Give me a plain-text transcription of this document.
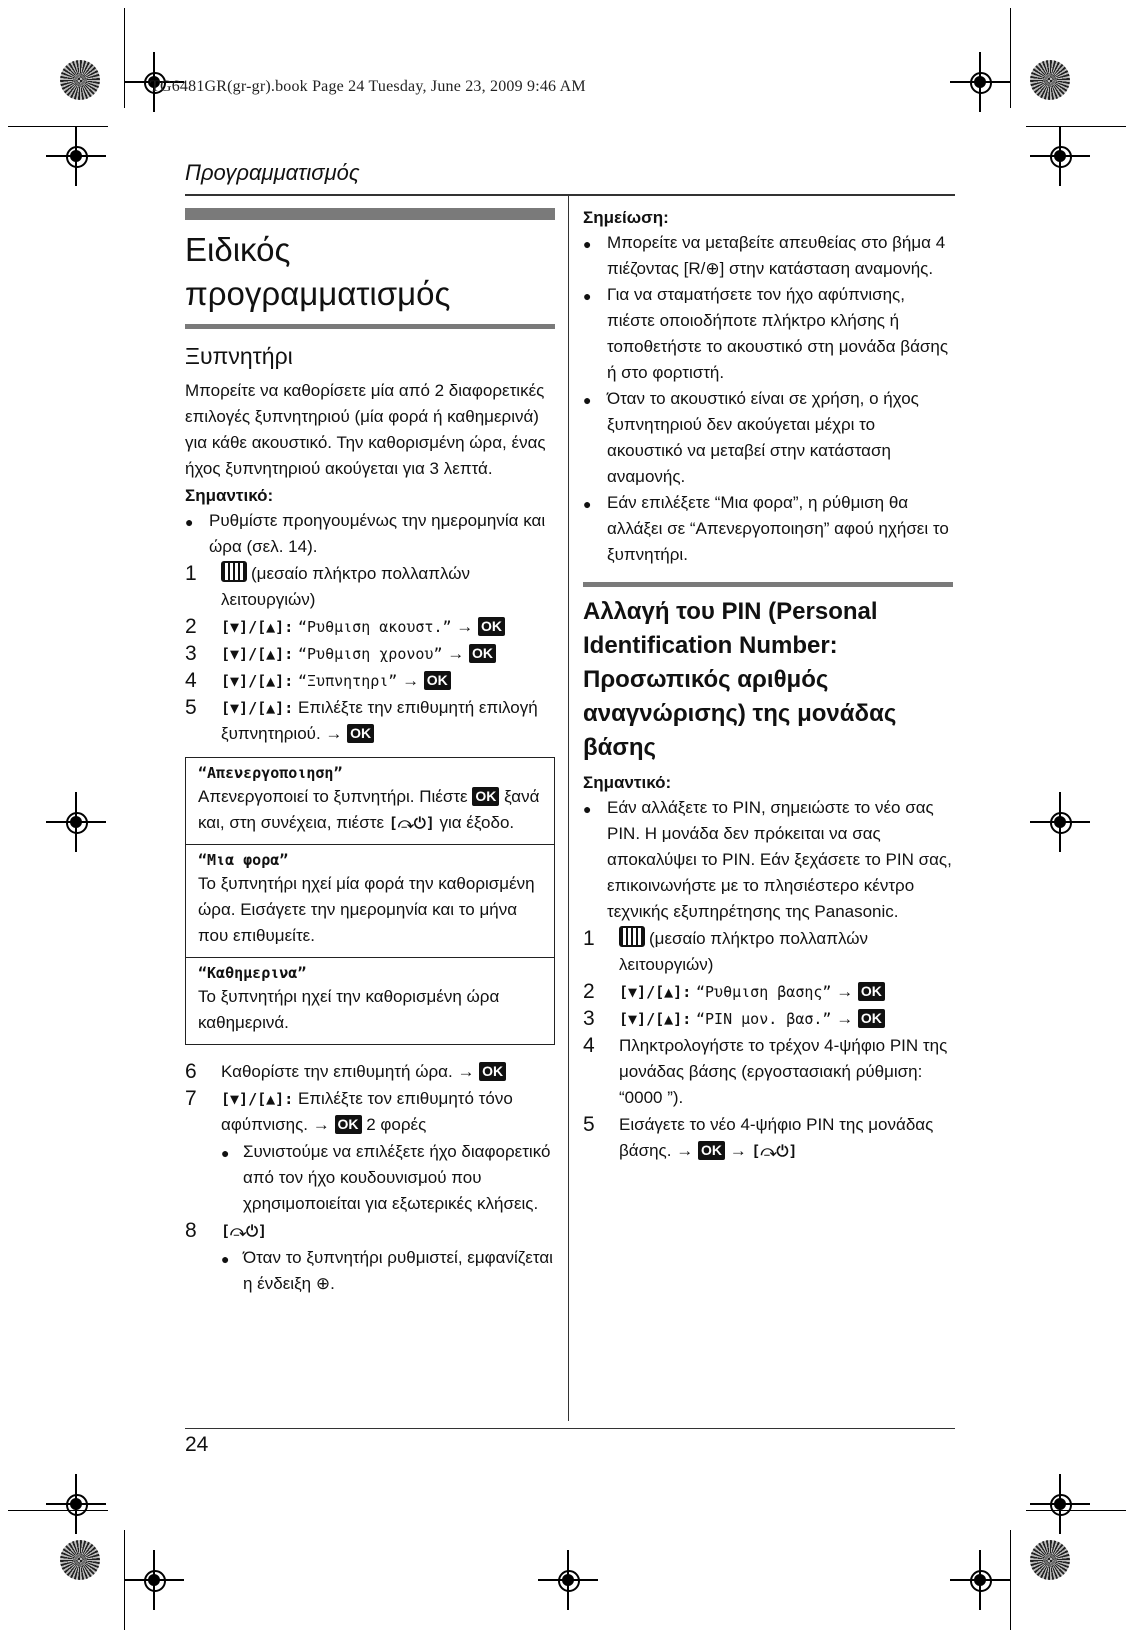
TG6481GR(gr-gr).book Page 24 Tuesday, June 23, 2009 9:46 AM
Προγραμματισμός
Ειδικός
προγραμματισμός
Ξυπνητήρι

Μπορείτε να καθορίσετε μία από 2 διαφορετικές επιλογές ξυπνητηριού (μία φορά ή καθημερινά) για κάθε ακουστικό. Την καθορισμένη ώρα, ένας ήχος ξυπνητηριού ακούγεται για 3 λεπτά.

Σημαντικό:
● Ρυθμίστε προηγουμένως την ημερομηνία και ώρα (σελ. 14).
1	(μεσαίο πλήκτρο πολλαπλών λειτουργιών)
2	[▼]/[▲]: “Ρυθμιση ακουστ.” → OK
3	[▼]/[▲]: “Ρυθμιση χρονου” → OK
4	[▼]/[▲]: “Ξυπνητηρι” → OK
5	[▼]/[▲]: Επιλέξτε την επιθυμητή επιλογή ξυπνητηριού. → OK
“Απενεργοποιηση”
Απενεργοποιεί το ξυπνητήρι. Πιέστε OK ξανά και, στη συνέχεια, πιέστε [⤼⏻] για έξοδο.
“Μια φορα”
Το ξυπνητήρι ηχεί μία φορά την καθορισμένη ώρα. Εισάγετε την ημερομηνία και το μήνα που επιθυμείτε.
“Καθημερινα”
Το ξυπνητήρι ηχεί την καθορισμένη ώρα καθημερινά.
6	Καθορίστε την επιθυμητή ώρα. → OK
7	[▼]/[▲]: Επιλέξτε τον επιθυμητό τόνο αφύπνισης. → OK 2 φορές
● Συνιστούμε να επιλέξετε ήχο διαφορετικό από τον ήχο κουδουνισμού που χρησιμοποιείται για εξωτερικές κλήσεις.
8	[⤼⏻]
● Όταν το ξυπνητήρι ρυθμιστεί, εμφανίζεται η ένδειξη ⊕.
Σημείωση:
● Μπορείτε να μεταβείτε απευθείας στο βήμα 4 πιέζοντας [R/⊕] στην κατάσταση αναμονής.
● Για να σταματήσετε τον ήχο αφύπνισης, πιέστε οποιοδήποτε πλήκτρο κλήσης ή τοποθετήστε το ακουστικό στη μονάδα βάσης ή στο φορτιστή.
● Όταν το ακουστικό είναι σε χρήση, ο ήχος ξυπνητηριού δεν ακούγεται μέχρι το ακουστικό να μεταβεί στην κατάσταση αναμονής.
● Εάν επιλέξετε “Μια φορα”, η ρύθμιση θα αλλάξει σε “Απενεργοποιηση” αφού ηχήσει το ξυπνητήρι.
Αλλαγή του PIN (Personal Identification Number: Προσωπικός αριθμός αναγνώρισης) της μονάδας βάσης
Σημαντικό:
● Εάν αλλάξετε το PIN, σημειώστε το νέο σας PIN. Η μονάδα δεν πρόκειται να σας αποκαλύψει το PIN. Εάν ξεχάσετε το PIN σας, επικοινωνήστε με το πλησιέστερο κέντρο τεχνικής εξυπηρέτησης της Panasonic.
1	(μεσαίο πλήκτρο πολλαπλών λειτουργιών)
2	[▼]/[▲]: “Ρυθμιση βασης” → OK
3	[▼]/[▲]: “PIN μον. βασ.” → OK
4	Πληκτρολογήστε το τρέχον 4-ψήφιο PIN της μονάδας βάσης (εργοστασιακή ρύθμιση: “0000 ”).
5	Εισάγετε το νέο 4-ψήφιο PIN της μονάδας βάσης. → OK → [⤼⏻]
24
